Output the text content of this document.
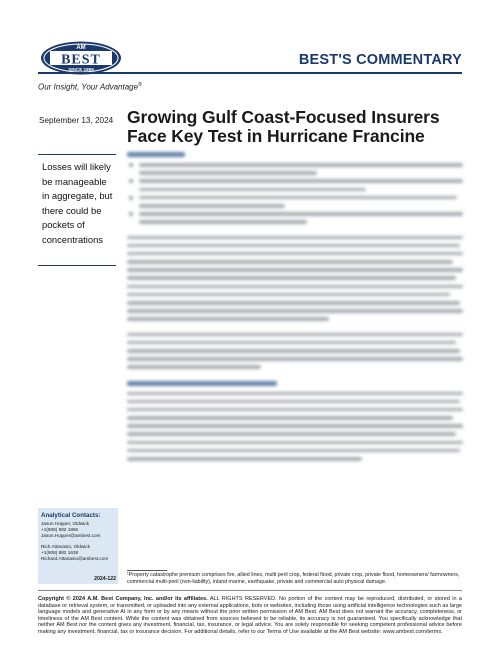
AM
BEST
SINCE 1899
BEST'S COMMENTARY
Our Insight, Your Advantage®
September 13, 2024 Growing Gulf Coast-Focused Insurers Face Key Test in Hurricane Francine
Losses will likely be manageable in aggregate, but there could be pockets of concentrations
Analytical Contacts:
Jason Hopper, Oldwick
+1(908) 882 1896
Jason.Hopper@ambest.com
Rich Attanasio, Oldwick
+1(908) 882 1638
Richard.Attanasio@ambest.com
2024-122
¹Property catastrophe premium comprises fire, allied lines, multi peril crop, federal flood, private crop, private flood, homeowners/ farmowners, commercial multi-peril (non-liability), inland marine, earthquake, private and commercial auto physical damage.
Copyright © 2024 A.M. Best Company, Inc. and/or its affiliates. ALL RIGHTS RESERVED. No portion of the content may be reproduced, distributed, or stored in a database or retrieval system, or transmitted, or uploaded into any external applications, bots or websites, including those using artificial intelligence technologies such as large language models and generative AI in any form or by any means without the prior written permission of AM Best. AM Best does not warrant the accuracy, completeness, or timeliness of the AM Best content. While the content was obtained from sources believed to be reliable, its accuracy is not guaranteed. You specifically acknowledge that neither AM Best nor the content gives any investment, financial, tax, insurance, or legal advice. You are solely responsible for seeking competent professional advice before making any investment, financial, tax or insurance decision. For additional details, refer to our Terms of Use available at the AM Best website: www.ambest.com/terms.
